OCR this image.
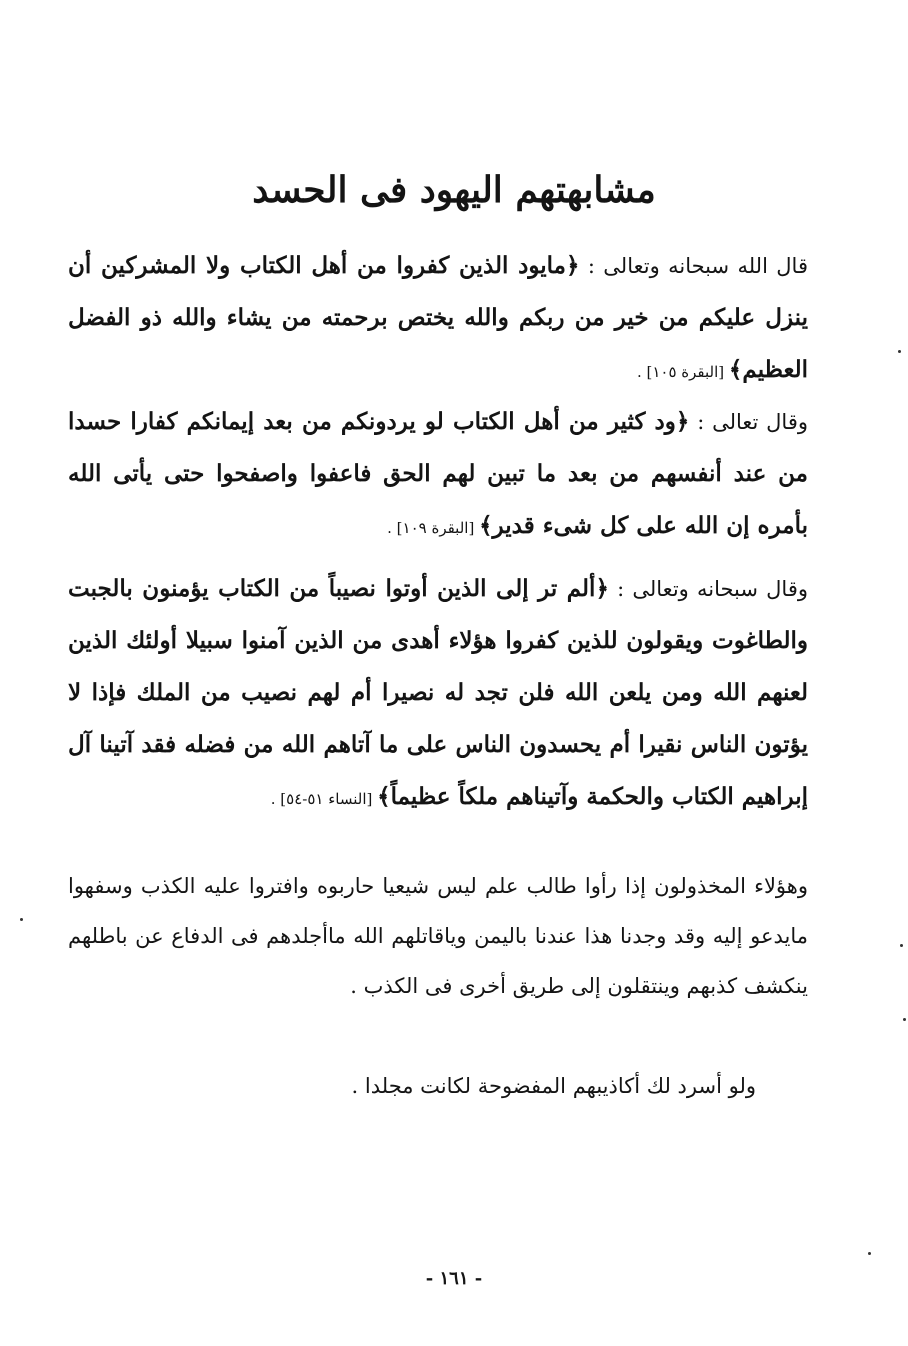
مشابهتهم اليهود فى الحسد

قال الله سبحانه وتعالى : ﴿مايود الذين كفروا من أهل الكتاب ولا المشركين أن ينزل عليكم من خير من ربكم والله يختص برحمته من يشاء والله ذو الفضل العظيم﴾ [البقرة ١٠٥] .

وقال تعالى : ﴿ود كثير من أهل الكتاب لو يردونكم من بعد إيمانكم كفارا حسدا من عند أنفسهم من بعد ما تبين لهم الحق فاعفوا واصفحوا حتى يأتى الله بأمره إن الله على كل شىء قدير﴾ [البقرة ١٠٩] .

وقال سبحانه وتعالى : ﴿ألم تر إلى الذين أوتوا نصيباً من الكتاب يؤمنون بالجبت والطاغوت ويقولون للذين كفروا هؤلاء أهدى من الذين آمنوا سبيلا أولئك الذين لعنهم الله ومن يلعن الله فلن تجد له نصيرا أم لهم نصيب من الملك فإذا لا يؤتون الناس نقيرا أم يحسدون الناس على ما آتاهم الله من فضله فقد آتينا آل إبراهيم الكتاب والحكمة وآتيناهم ملكاً عظيماً﴾ [النساء ٥١-٥٤] .

وهؤلاء المخذولون إذا رأوا طالب علم ليس شيعيا حاربوه وافتروا عليه الكذب وسفهوا مايدعو إليه وقد وجدنا هذا عندنا باليمن وياقاتلهم الله ماأجلدهم فى الدفاع عن باطلهم ينكشف كذبهم وينتقلون إلى طريق أخرى فى الكذب .

ولو أسرد لك أكاذيبهم المفضوحة لكانت مجلدا .

- ١٦١ -
